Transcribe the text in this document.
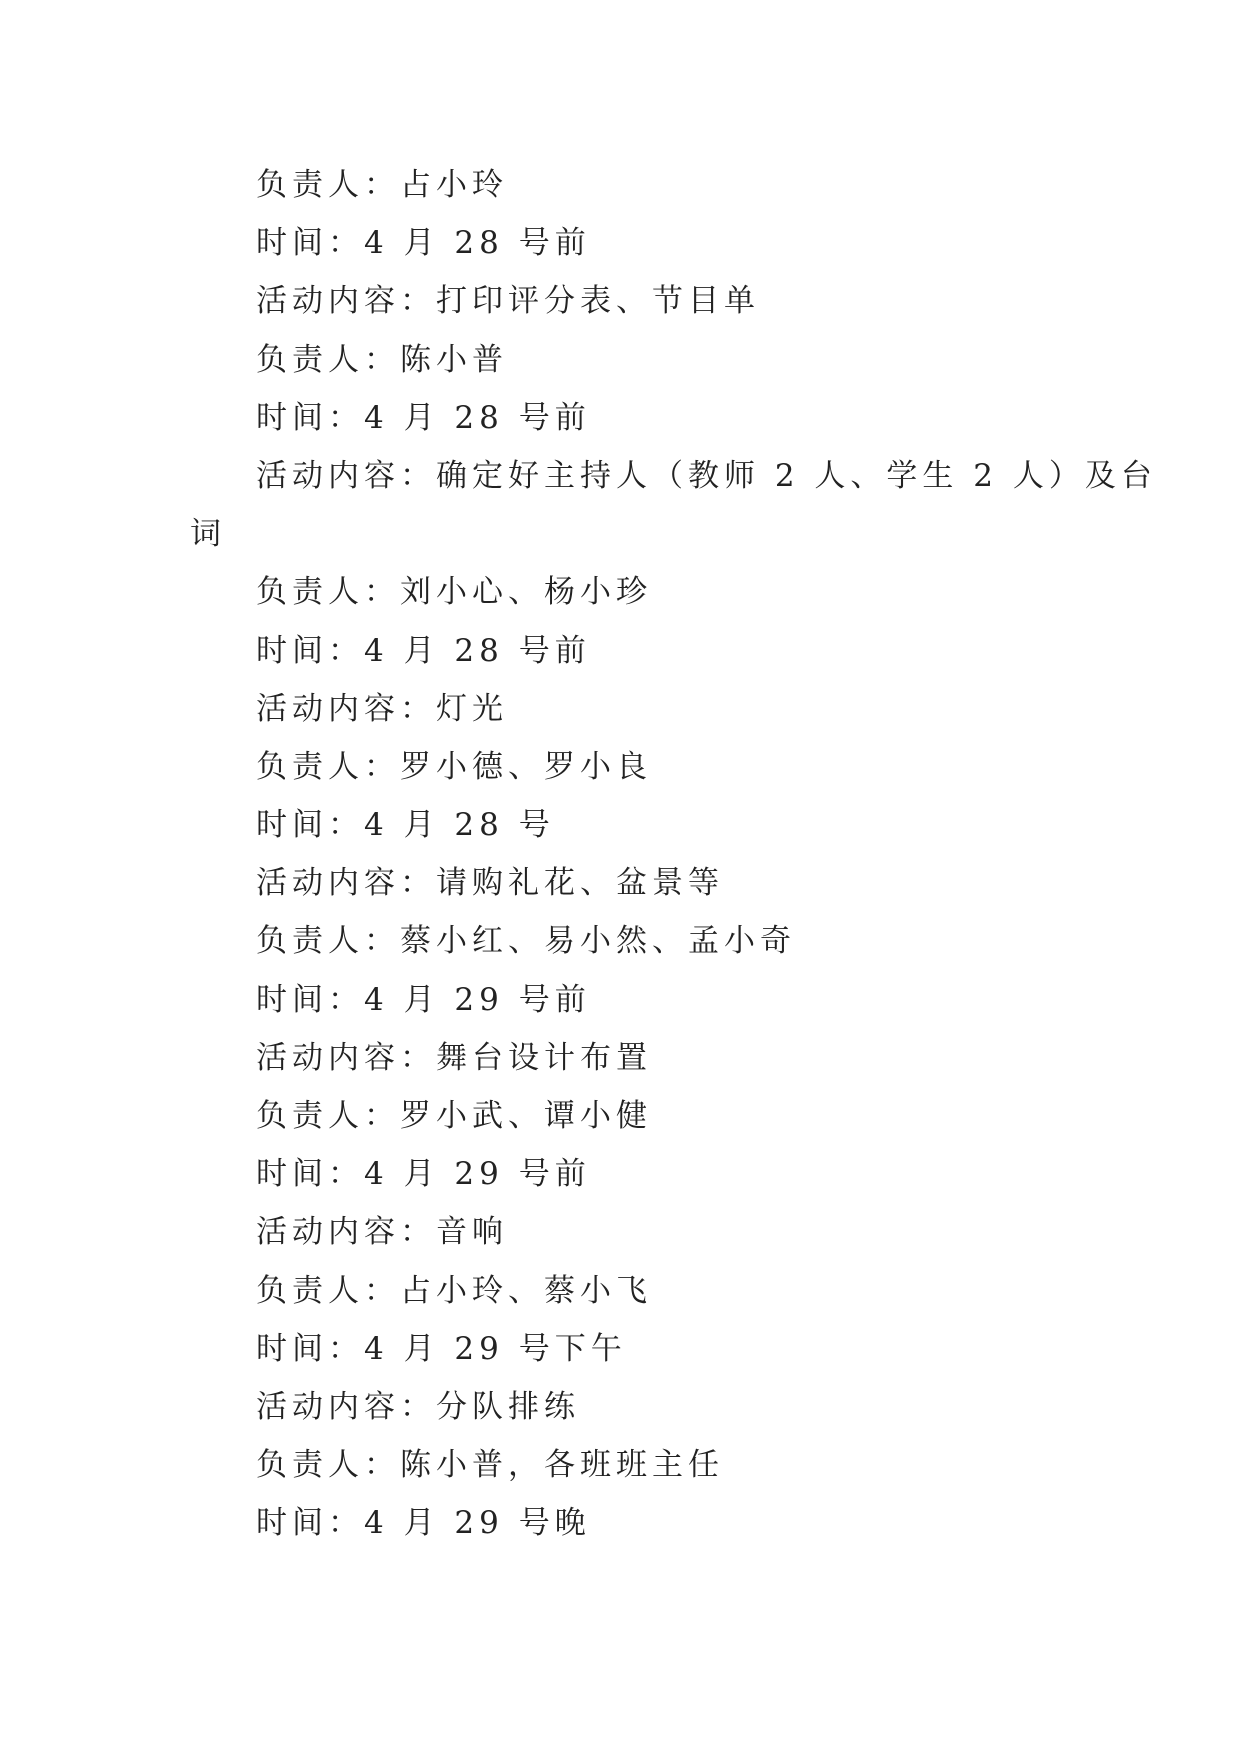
负责人：占小玲
时间：4 月 28 号前
活动内容：打印评分表、节目单
负责人：陈小普
时间：4 月 28 号前
活动内容：确定好主持人（教师 2 人、学生 2 人）及台
词
负责人：刘小心、杨小珍
时间：4 月 28 号前
活动内容：灯光
负责人：罗小德、罗小良
时间：4 月 28 号
活动内容：请购礼花、盆景等
负责人：蔡小红、易小然、孟小奇
时间：4 月 29 号前
活动内容：舞台设计布置
负责人：罗小武、谭小健
时间：4 月 29 号前
活动内容：音响
负责人：占小玲、蔡小飞
时间：4 月 29 号下午
活动内容：分队排练
负责人：陈小普，各班班主任
时间：4 月 29 号晚
